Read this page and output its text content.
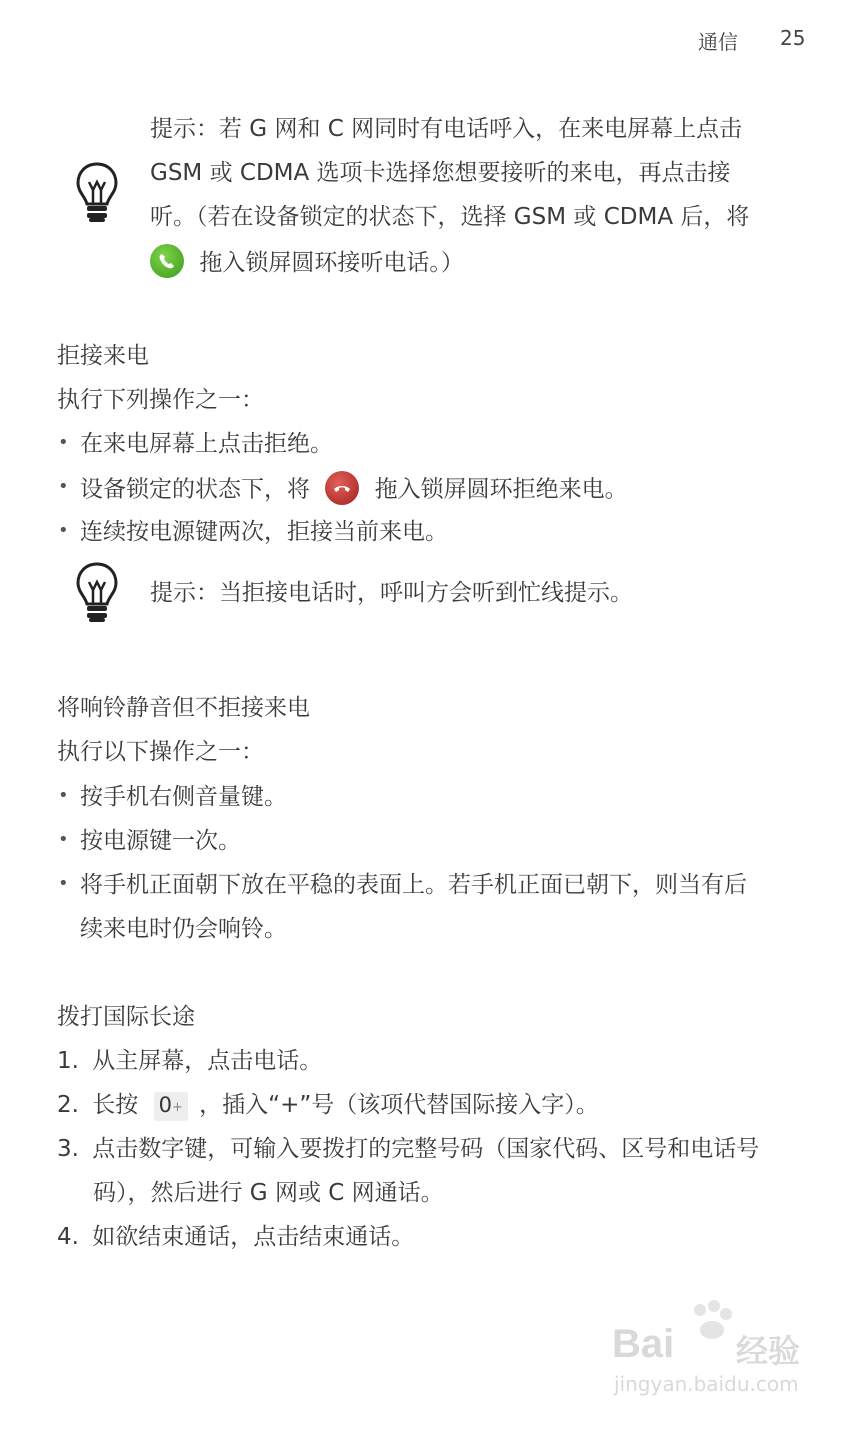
通信 25
提示：若 G 网和 C 网同时有电话呼入，在来电屏幕上点击
GSM 或 CDMA 选项卡选择您想要接听的来电，再点击接
听。（若在设备锁定的状态下，选择 GSM 或 CDMA 后，将
拖入锁屏圆环接听电话。）
拒接来电
执行下列操作之一：
• 在来电屏幕上点击拒绝。
• 设备锁定的状态下，将	拖入锁屏圆环拒绝来电。
• 连续按电源键两次，拒接当前来电。
提示：当拒接电话时，呼叫方会听到忙线提示。
将响铃静音但不拒接来电
执行以下操作之一：
• 按手机右侧音量键。
• 按电源键一次。
• 将手机正面朝下放在平稳的表面上。若手机正面已朝下，则当有后
续来电时仍会响铃。
拨打国际长途
1. 从主屏幕，点击电话。
2. 长按 0+ ，插入“+”号（该项代替国际接入字）。
3. 点击数字键，可输入要拨打的完整号码（国家代码、区号和电话号
码），然后进行 G 网或 C 网通话。
4. 如欲结束通话，点击结束通话。
Bai 经验
jingyan.baidu.com
